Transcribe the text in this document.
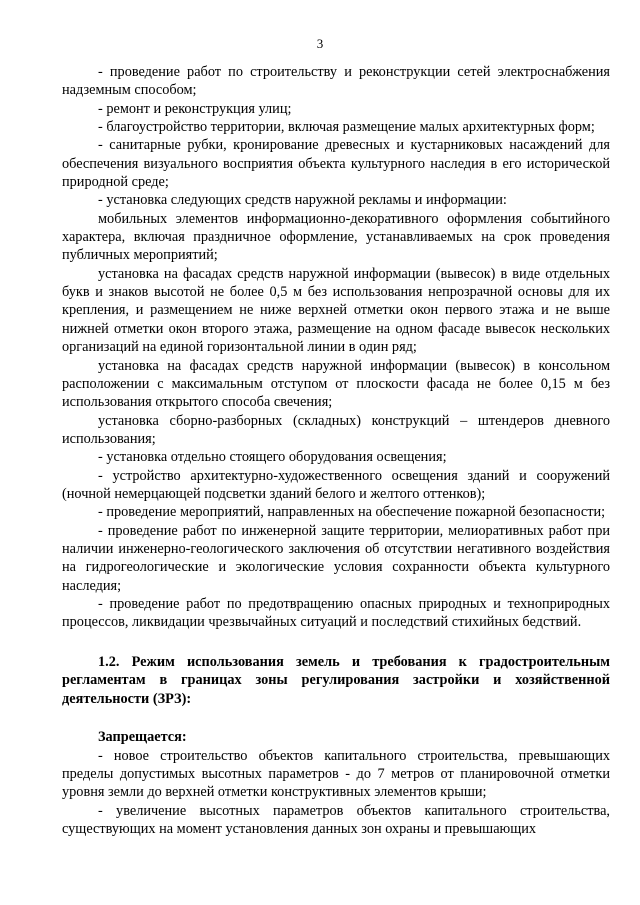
3

- проведение работ по строительству и реконструкции сетей электроснабжения надземным способом;

- ремонт и реконструкция улиц;

- благоустройство территории, включая размещение малых архитектурных форм;

- санитарные рубки, кронирование древесных и кустарниковых насаждений для обеспечения визуального восприятия объекта культурного наследия в его исторической природной среде;

- установка следующих средств наружной рекламы и информации:

мобильных элементов информационно-декоративного оформления событийного характера, включая праздничное оформление, устанавливаемых на срок проведения публичных мероприятий;

установка на фасадах средств наружной информации (вывесок) в виде отдельных букв и знаков высотой не более 0,5 м без использования непрозрачной основы для их крепления, и размещением не ниже верхней отметки окон первого этажа и не выше нижней отметки окон второго этажа, размещение на одном фасаде вывесок нескольких организаций на единой горизонтальной линии в один ряд;

установка на фасадах средств наружной информации (вывесок) в консольном расположении с максимальным отступом от плоскости фасада не более 0,15 м без использования открытого способа свечения;

установка сборно-разборных (складных) конструкций – штендеров дневного использования;

- установка отдельно стоящего оборудования освещения;

- устройство архитектурно-художественного освещения зданий и сооружений (ночной немерцающей подсветки зданий белого и желтого оттенков);

- проведение мероприятий, направленных на обеспечение пожарной безопасности;

- проведение работ по инженерной защите территории, мелиоративных работ при наличии инженерно-геологического заключения об отсутствии негативного воздействия на гидрогеологические и экологические условия сохранности объекта культурного наследия;

- проведение работ по предотвращению опасных природных и техноприродных процессов, ликвидации чрезвычайных ситуаций и последствий стихийных бедствий.

1.2. Режим использования земель и требования к градостроительным регламентам в границах зоны регулирования застройки и хозяйственной деятельности (ЗРЗ):

Запрещается:

- новое строительство объектов капитального строительства, превышающих пределы допустимых высотных параметров - до 7 метров от планировочной отметки уровня земли до верхней отметки конструктивных элементов крыши;

- увеличение высотных параметров объектов капитального строительства, существующих на момент установления данных зон охраны и превышающих
